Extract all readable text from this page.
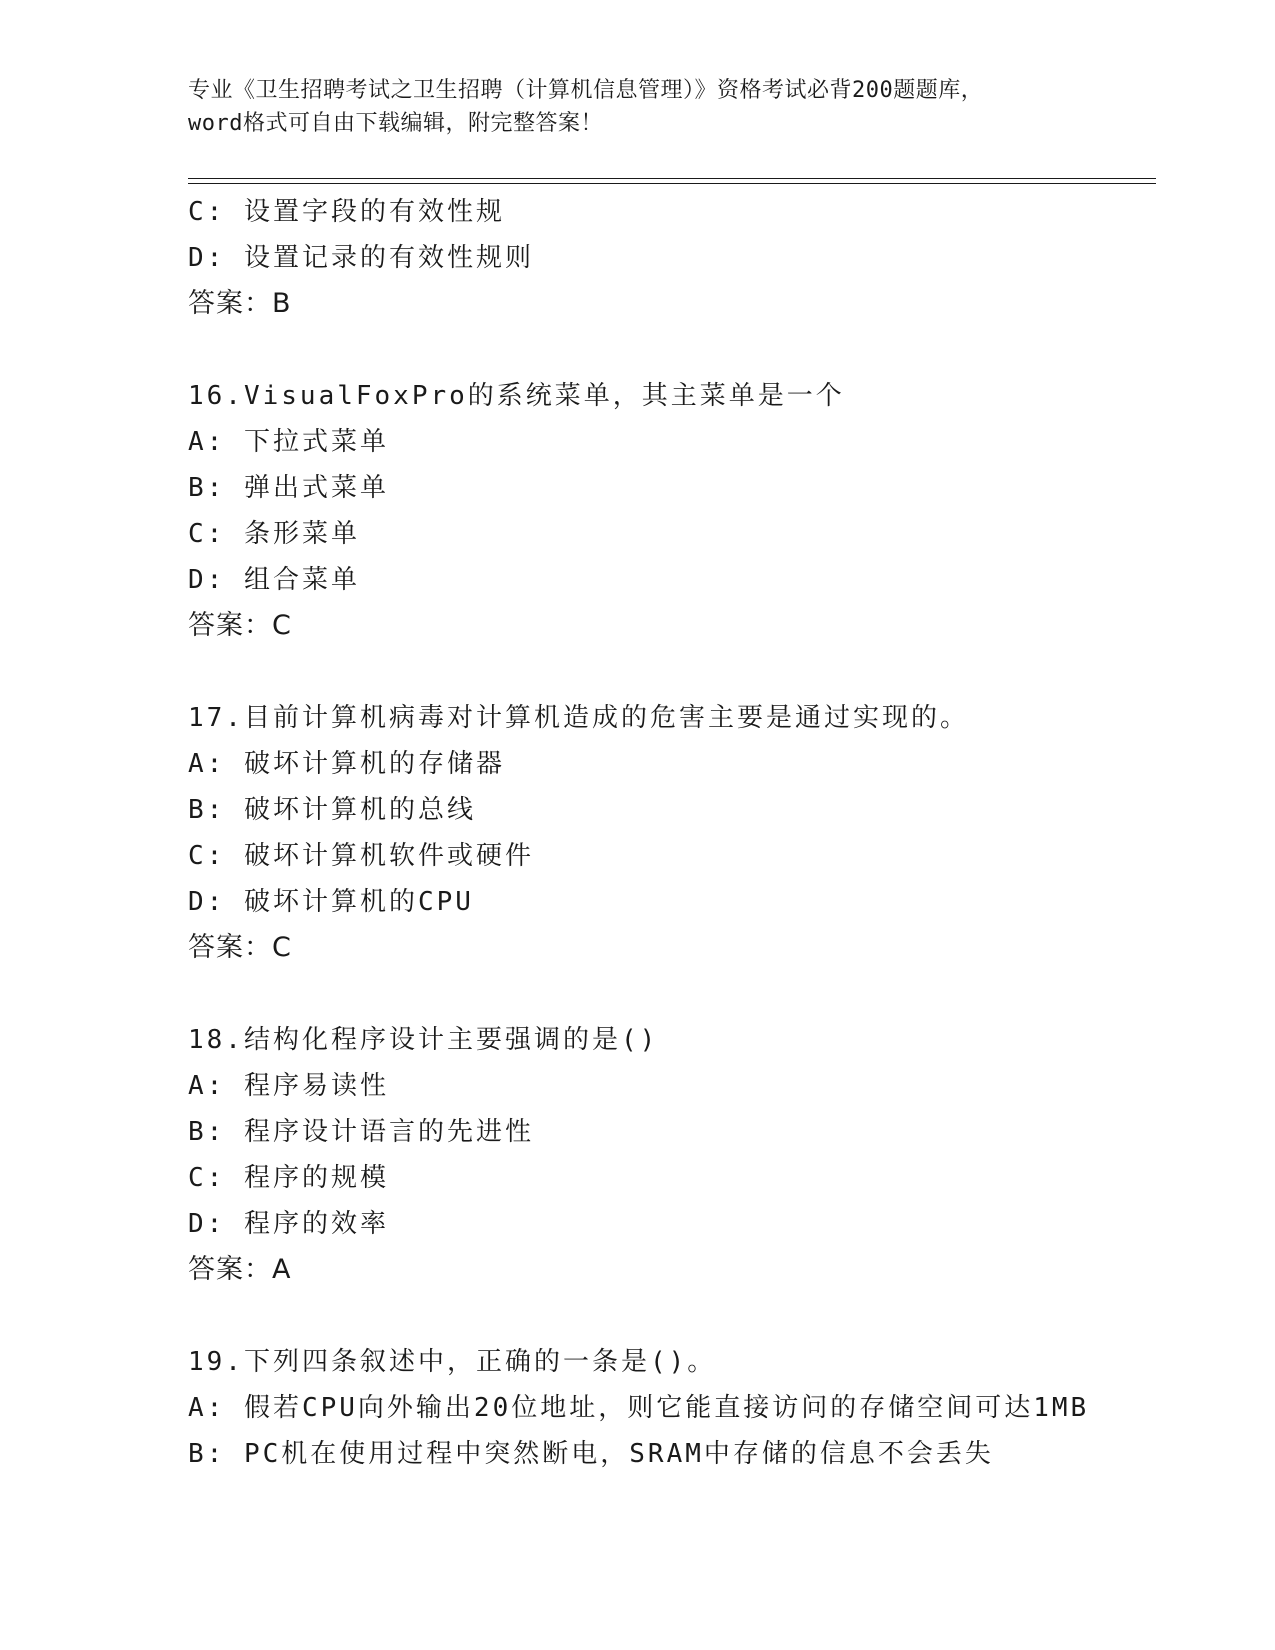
专业《卫生招聘考试之卫生招聘（计算机信息管理）》资格考试必背200题题库，
word格式可自由下载编辑，附完整答案！
C: 设置字段的有效性规
D: 设置记录的有效性规则
答案：B
16.VisualFoxPro的系统菜单，其主菜单是一个
A: 下拉式菜单
B: 弹出式菜单
C: 条形菜单
D: 组合菜单
答案：C
17.目前计算机病毒对计算机造成的危害主要是通过实现的。
A: 破坏计算机的存储器
B: 破坏计算机的总线
C: 破坏计算机软件或硬件
D: 破坏计算机的CPU
答案：C
18.结构化程序设计主要强调的是()
A: 程序易读性
B: 程序设计语言的先进性
C: 程序的规模
D: 程序的效率
答案：A
19.下列四条叙述中，正确的一条是()。
A: 假若CPU向外输出20位地址，则它能直接访问的存储空间可达1MB
B: PC机在使用过程中突然断电，SRAM中存储的信息不会丢失
